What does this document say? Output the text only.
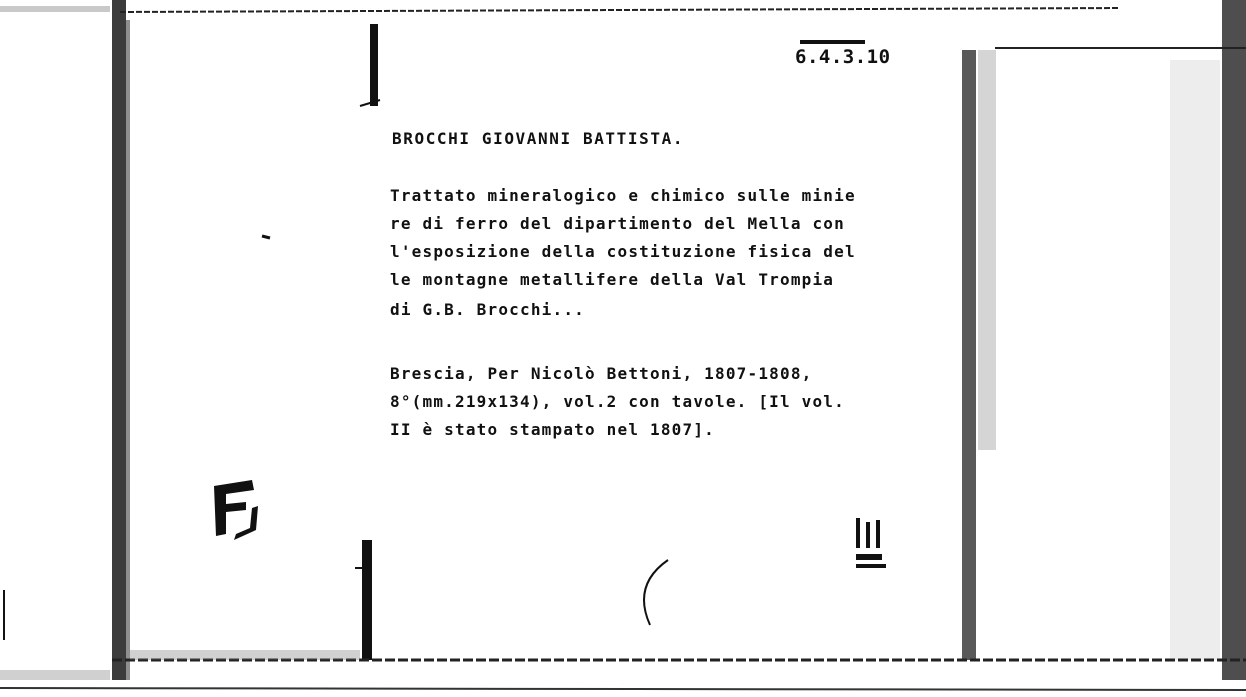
6.4.3.10
BROCCHI GIOVANNI BATTISTA.
Trattato mineralogico e chimico sulle minie
re di ferro del dipartimento del Mella con
l'esposizione della costituzione fisica del
le montagne metallifere della Val Trompia
di G.B. Brocchi...
Brescia, Per Nicolò Bettoni, 1807-1808,
8°(mm.219x134), vol.2 con tavole. [Il vol.
II è stato stampato nel 1807].
